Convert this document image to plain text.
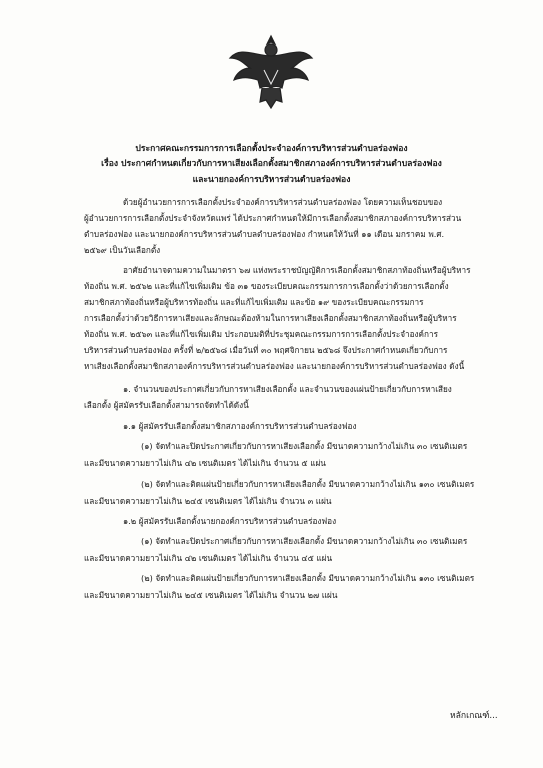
ประกาศคณะกรรมการการเลือกตั้งประจำองค์การบริหารส่วนตำบลร่องฟอง
เรื่อง ประกาศกำหนดเกี่ยวกับการหาเสียงเลือกตั้งสมาชิกสภาองค์การบริหารส่วนตำบลร่องฟอง
และนายกองค์การบริหารส่วนตำบลร่องฟอง
ด้วยผู้อำนวยการการเลือกตั้งประจำองค์การบริหารส่วนตำบลร่องฟอง โดยความเห็นชอบของ
ผู้อำนวยการการเลือกตั้งประจำจังหวัดแพร่ ได้ประกาศกำหนดให้มีการเลือกตั้งสมาชิกสภาองค์การบริหารส่วน
ตำบลร่องฟอง และนายกองค์การบริหารส่วนตำบลตำบลร่องฟอง กำหนดให้วันที่ ๑๑ เดือน มกราคม พ.ศ.
๒๕๖๙ เป็นวันเลือกตั้ง
อาศัยอำนาจตามความในมาตรา ๖๗ แห่งพระราชบัญญัติการเลือกตั้งสมาชิกสภาท้องถิ่นหรือผู้บริหาร
ท้องถิ่น พ.ศ. ๒๕๖๒ และที่แก้ไขเพิ่มเติม ข้อ ๓๑ ของระเบียบคณะกรรมการการเลือกตั้งว่าด้วยการเลือกตั้ง
สมาชิกสภาท้องถิ่นหรือผู้บริหารท้องถิ่น และที่แก้ไขเพิ่มเติม และข้อ ๑๙ ของระเบียบคณะกรรมการ
การเลือกตั้งว่าด้วยวิธีการหาเสียงและลักษณะต้องห้ามในการหาเสียงเลือกตั้งสมาชิกสภาท้องถิ่นหรือผู้บริหาร
ท้องถิ่น พ.ศ. ๒๕๖๓ และที่แก้ไขเพิ่มเติม ประกอบมติที่ประชุมคณะกรรมการการเลือกตั้งประจำองค์การ
บริหารส่วนตำบลร่องฟอง ครั้งที่ ๒/๒๕๖๘ เมื่อวันที่ ๓๐ พฤศจิกายน ๒๕๖๘ จึงประกาศกำหนดเกี่ยวกับการ
หาเสียงเลือกตั้งสมาชิกสภาองค์การบริหารส่วนตำบลร่องฟอง และนายกองค์การบริหารส่วนตำบลร่องฟอง ดังนี้
๑. จำนวนของประกาศเกี่ยวกับการหาเสียงเลือกตั้ง และจำนวนของแผ่นป้ายเกี่ยวกับการหาเสียง
เลือกตั้ง ผู้สมัครรับเลือกตั้งสามารถจัดทำได้ดังนี้
๑.๑ ผู้สมัครรับเลือกตั้งสมาชิกสภาองค์การบริหารส่วนตำบลร่องฟอง
(๑) จัดทำและปิดประกาศเกี่ยวกับการหาเสียงเลือกตั้ง มีขนาดความกว้างไม่เกิน ๓๐ เซนติเมตร
และมีขนาดความยาวไม่เกิน ๔๒ เซนติเมตร ได้ไม่เกิน จำนวน ๕ แผ่น
(๒) จัดทำและติดแผ่นป้ายเกี่ยวกับการหาเสียงเลือกตั้ง มีขนาดความกว้างไม่เกิน ๑๓๐ เซนติเมตร
และมีขนาดความยาวไม่เกิน ๒๔๕ เซนติเมตร ได้ไม่เกิน จำนวน ๓ แผ่น
๑.๒ ผู้สมัครรับเลือกตั้งนายกองค์การบริหารส่วนตำบลร่องฟอง
(๑) จัดทำและปิดประกาศเกี่ยวกับการหาเสียงเลือกตั้ง มีขนาดความกว้างไม่เกิน ๓๐ เซนติเมตร
และมีขนาดความยาวไม่เกิน ๔๒ เซนติเมตร ได้ไม่เกิน จำนวน ๔๕ แผ่น
(๒) จัดทำและติดแผ่นป้ายเกี่ยวกับการหาเสียงเลือกตั้ง มีขนาดความกว้างไม่เกิน ๑๓๐ เซนติเมตร
และมีขนาดความยาวไม่เกิน ๒๔๕ เซนติเมตร ได้ไม่เกิน จำนวน ๒๗ แผ่น
หลักเกณฑ์...
